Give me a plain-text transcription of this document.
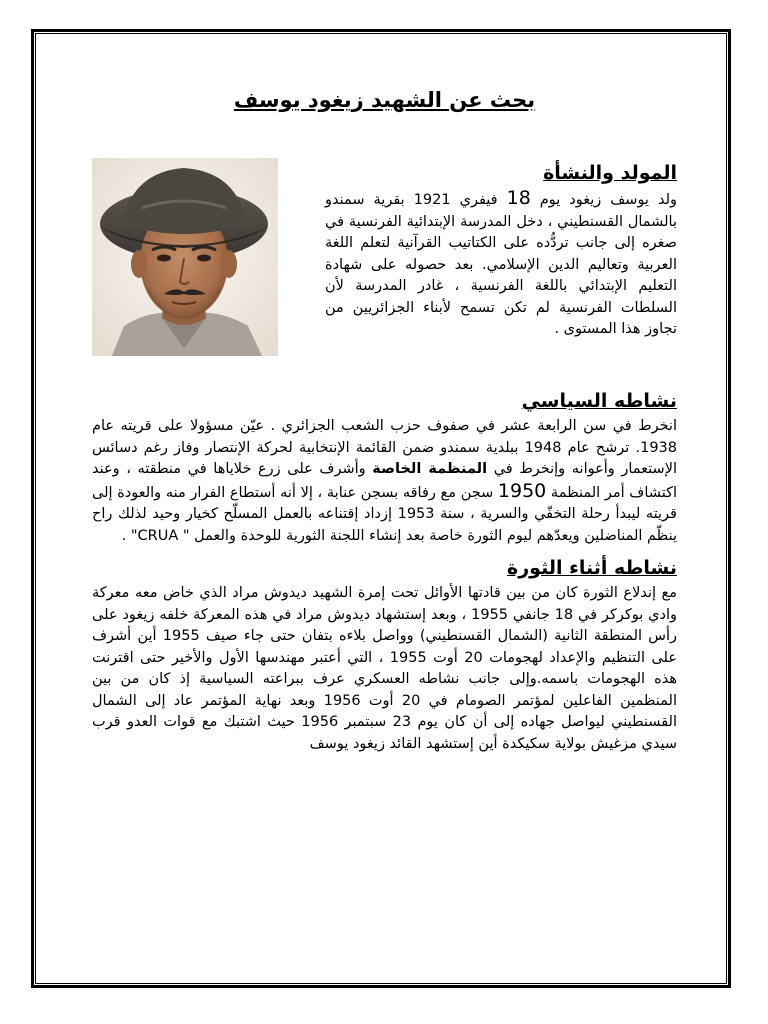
بحث عن الشهيد زيغود يوسف
المولد والنشأة

ولد يوسف زيغود يوم 18 فيفري 1921 بقرية سمندو بالشمال القسنطيني ، دخل المدرسة الإبتدائية الفرنسية في صغره إلى جانب تردُّده على الكتاتيب القرآنية لتعلم اللغة العربية وتعاليم الدين الإسلامي. بعد حصوله على شهادة التعليم الإبتدائي باللغة الفرنسية ، غادر المدرسة لأن السلطات الفرنسية لم تكن تسمح لأبناء الجزائريين من تجاوز هذا المستوى .

نشاطه السياسي

انخرط في سن الرابعة عشر في صفوف حزب الشعب الجزائري . عيّن مسؤولا على قريته عام 1938. ترشح عام 1948 ببلدية سمندو ضمن القائمة الإنتخابية لحركة الإنتصار وفاز رغم دسائس الإستعمار وأعوانه وإنخرط في المنظمة الخاصة وأشرف على زرع خلاياها في منطقته ، وعند اكتشاف أمر المنظمة 1950 سجن مع رفاقه بسجن عنابة ، إلا أنه أستطاع الفرار منه والعودة إلى قريته ليبدأ رحلة التخفّي والسرية ، سنة 1953 إزداد إقتناعه بالعمل المسلّح كخيار وحيد لذلك راح ينظّم المناضلين ويعدّهم ليوم الثورة خاصة بعد إنشاء اللجنة الثورية للوحدة والعمل " CRUA" .

نشاطه أثناء الثورة

مع إندلاع الثورة كان من بين قادتها الأوائل تحت إمرة الشهيد ديدوش مراد الذي خاض معه معركة وادي بوكركر في 18 جانفي 1955 ، وبعد إستشهاد ديدوش مراد في هذه المعركة خلفه زيغود على رأس المنطقة الثانية (الشمال القسنطيني) وواصل بلاءه بتفان حتى جاء صيف 1955 أين أشرف على التنظيم والإعداد لهجومات 20 أوت 1955 ، التي أعتبر مهندسها الأول والأخير حتى اقترنت هذه الهجومات باسمه.وإلى جانب نشاطه العسكري عرف ببراعته السياسية إذ كان من بين المنظمين الفاعلين لمؤتمر الصومام في 20 أوت 1956 وبعد نهاية المؤتمر عاد إلى الشمال القسنطيني ليواصل جهاده إلى أن كان يوم 23 سبتمبر 1956 حيث اشتبك مع قوات العدو قرب سيدي مزغيش بولاية سكيكدة أين إستشهد القائد زيغود يوسف
